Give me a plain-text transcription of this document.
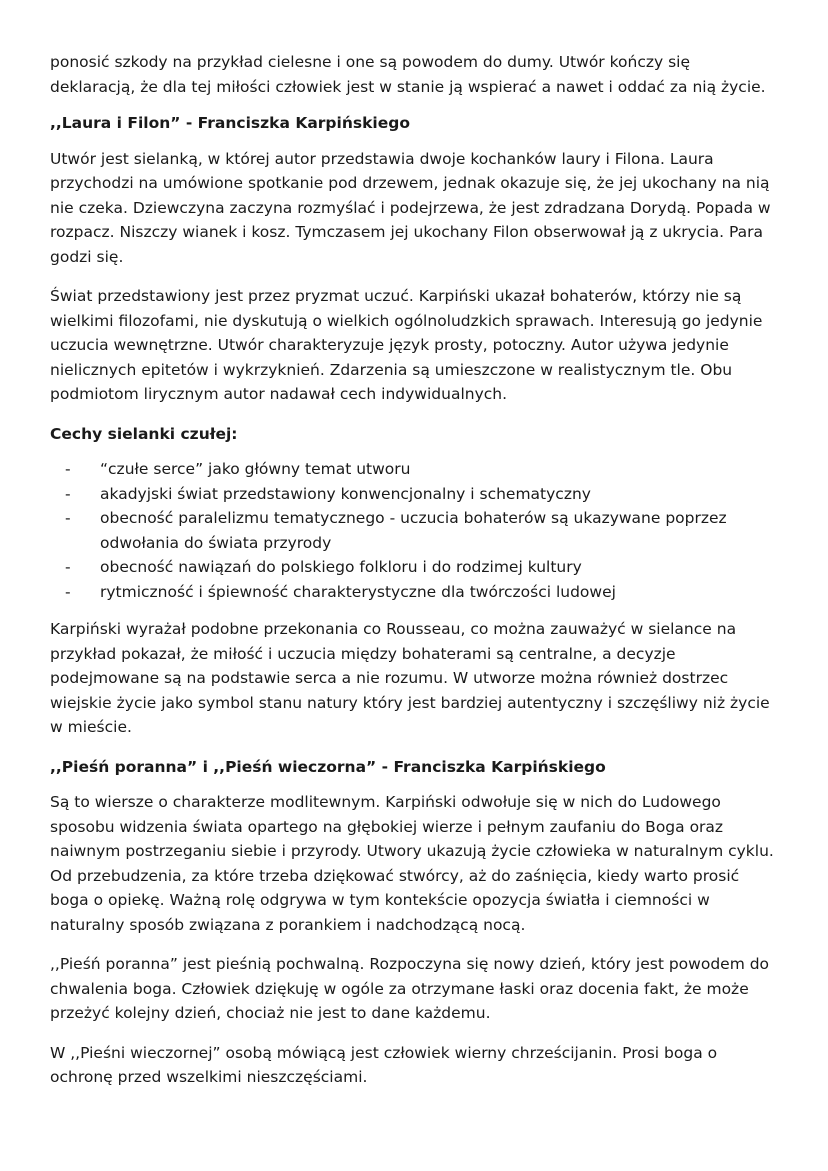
ponosić szkody na przykład cielesne i one są powodem do dumy. Utwór kończy się deklaracją, że dla tej miłości człowiek jest w stanie ją wspierać a nawet i oddać za nią życie.

,,Laura i Filon” - Franciszka Karpińskiego

Utwór jest sielanką, w której autor przedstawia dwoje kochanków laury i Filona. Laura przychodzi na umówione spotkanie pod drzewem, jednak okazuje się, że jej ukochany na nią nie czeka. Dziewczyna zaczyna rozmyślać i podejrzewa, że jest zdradzana Dorydą. Popada w rozpacz. Niszczy wianek i kosz. Tymczasem jej ukochany Filon obserwował ją z ukrycia. Para godzi się.

Świat przedstawiony jest przez pryzmat uczuć. Karpiński ukazał bohaterów, którzy nie są wielkimi filozofami, nie dyskutują o wielkich ogólnoludzkich sprawach. Interesują go jedynie uczucia wewnętrzne. Utwór charakteryzuje język prosty, potoczny. Autor używa jedynie nielicznych epitetów i wykrzyknień. Zdarzenia są umieszczone w realistycznym tle. Obu podmiotom lirycznym autor nadawał cech indywidualnych.

Cechy sielanki czułej:
- “czułe serce” jako główny temat utworu
- akadyjski świat przedstawiony konwencjonalny i schematyczny
- obecność paralelizmu tematycznego - uczucia bohaterów są ukazywane poprzez odwołania do świata przyrody
- obecność nawiązań do polskiego folkloru i do rodzimej kultury
- rytmiczność i śpiewność charakterystyczne dla twórczości ludowej

Karpiński wyrażał podobne przekonania co Rousseau, co można zauważyć w sielance na przykład pokazał, że miłość i uczucia między bohaterami są centralne, a decyzje podejmowane są na podstawie serca a nie rozumu. W utworze można również dostrzec wiejskie życie jako symbol stanu natury który jest bardziej autentyczny i szczęśliwy niż życie w mieście.

,,Pieśń poranna” i ,,Pieśń wieczorna” - Franciszka Karpińskiego

Są to wiersze o charakterze modlitewnym. Karpiński odwołuje się w nich do Ludowego sposobu widzenia świata opartego na głębokiej wierze i pełnym zaufaniu do Boga oraz naiwnym postrzeganiu siebie i przyrody. Utwory ukazują życie człowieka w naturalnym cyklu. Od przebudzenia, za które trzeba dziękować stwórcy, aż do zaśnięcia, kiedy warto prosić boga o opiekę. Ważną rolę odgrywa w tym kontekście opozycja światła i ciemności w naturalny sposób związana z porankiem i nadchodzącą nocą.

,,Pieśń poranna” jest pieśnią pochwalną. Rozpoczyna się nowy dzień, który jest powodem do chwalenia boga. Człowiek dziękuję w ogóle za otrzymane łaski oraz docenia fakt, że może przeżyć kolejny dzień, chociaż nie jest to dane każdemu.

W ,,Pieśni wieczornej” osobą mówiącą jest człowiek wierny chrześcijanin. Prosi boga o ochronę przed wszelkimi nieszczęściami.
